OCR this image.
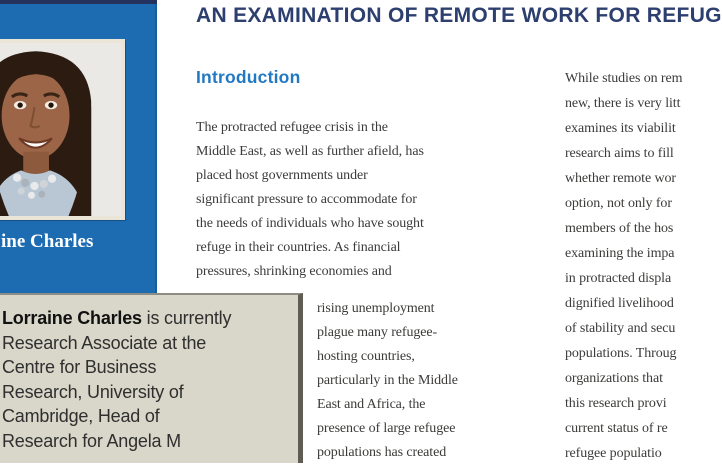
ine Charles
AN EXAMINATION OF REMOTE WORK FOR REFUG
Introduction
The protracted refugee crisis in the
Middle East, as well as further afield, has
placed host governments under
significant pressure to accommodate for
the needs of individuals who have sought
refuge in their countries. As financial
pressures, shrinking economies and
rising unemployment
plague many refugee-
hosting countries,
particularly in the Middle
East and Africa, the
presence of large refugee
populations has created
While studies on rem
new, there is very litt
examines its viabilit
research aims to fill
whether remote wor
option, not only for
members of the hos
examining the impa
in protracted displa
dignified livelihood
of stability and secu
populations. Throug
organizations that
this research provi
current status of re
refugee populatio
Lorraine Charles is currently
Research Associate at the
Centre for Business
Research, University of
Cambridge, Head of
Research for Angela M
